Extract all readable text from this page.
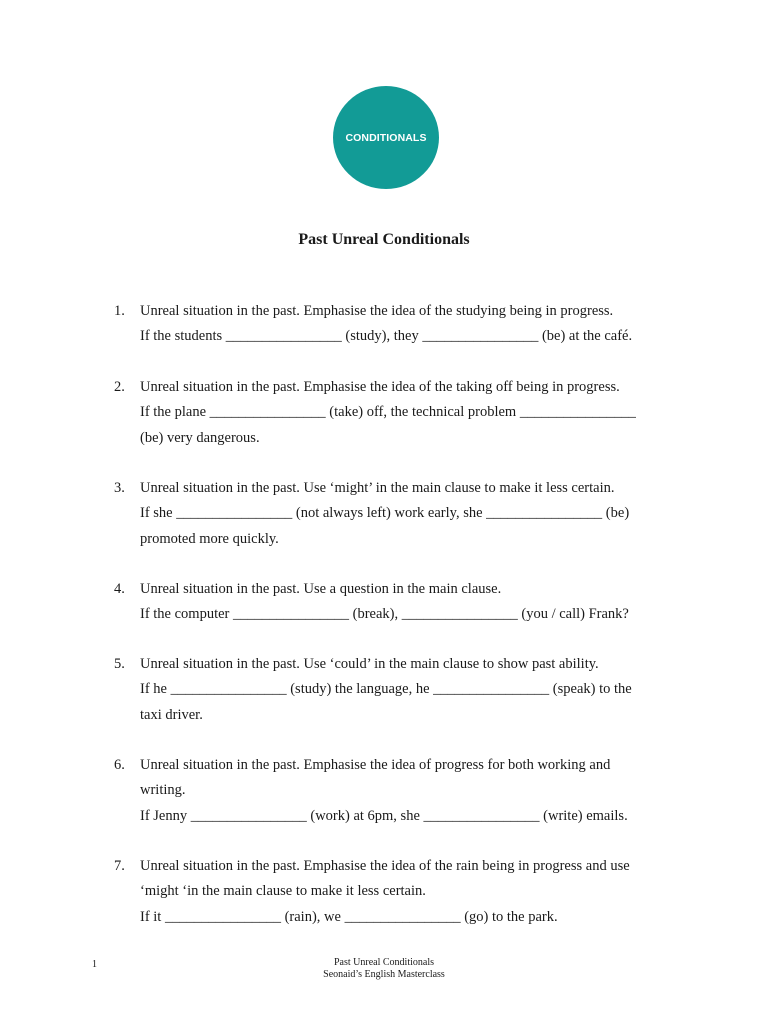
CONDITIONALS
Past Unreal Conditionals
1. Unreal situation in the past. Emphasise the idea of the studying being in progress.
If the students ________________ (study), they ________________ (be) at the café.
2. Unreal situation in the past. Emphasise the idea of the taking off being in progress.
If the plane ________________ (take) off, the technical problem ________________
(be) very dangerous.
3. Unreal situation in the past. Use ‘might’ in the main clause to make it less certain.
If she ________________ (not always left) work early, she ________________ (be)
promoted more quickly.
4. Unreal situation in the past. Use a question in the main clause.
If the computer ________________ (break), ________________ (you / call) Frank?
5. Unreal situation in the past. Use ‘could’ in the main clause to show past ability.
If he ________________ (study) the language, he ________________ (speak) to the
taxi driver.
6. Unreal situation in the past. Emphasise the idea of progress for both working and
writing.
If Jenny ________________ (work) at 6pm, she ________________ (write) emails.
7. Unreal situation in the past. Emphasise the idea of the rain being in progress and use
‘might ‘in the main clause to make it less certain.
If it ________________ (rain), we ________________ (go) to the park.
1	Past Unreal Conditionals
Seonaid’s English Masterclass
